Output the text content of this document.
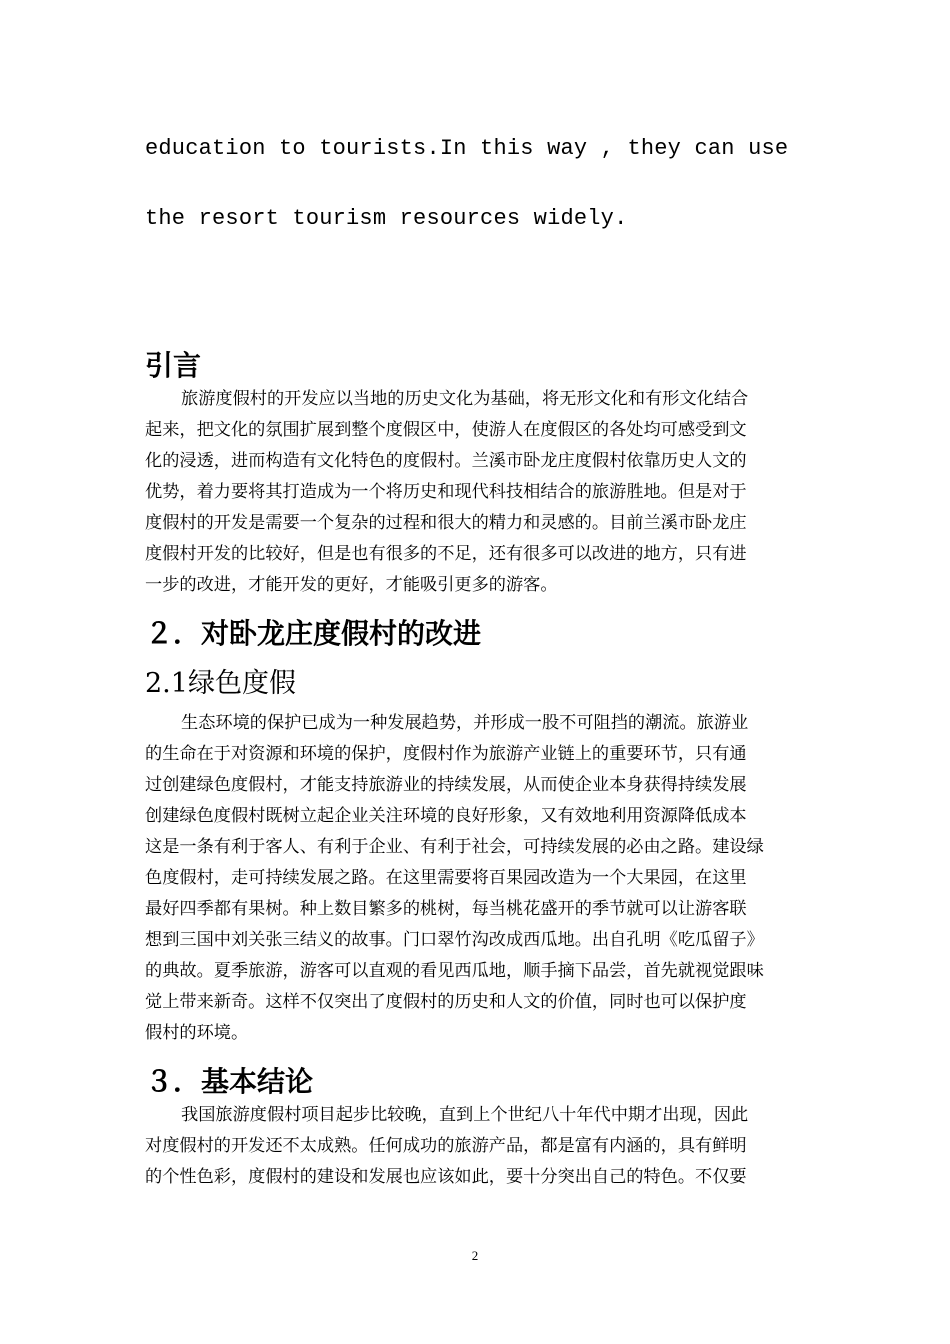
education to tourists.In this way , they can use
the resort tourism resources widely.
引言
旅游度假村的开发应以当地的历史文化为基础，将无形文化和有形文化结合
起来，把文化的氛围扩展到整个度假区中，使游人在度假区的各处均可感受到文
化的浸透，进而构造有文化特色的度假村。兰溪市卧龙庄度假村依靠历史人文的
优势，着力要将其打造成为一个将历史和现代科技相结合的旅游胜地。但是对于
度假村的开发是需要一个复杂的过程和很大的精力和灵感的。目前兰溪市卧龙庄
度假村开发的比较好，但是也有很多的不足，还有很多可以改进的地方，只有进
一步的改进，才能开发的更好，才能吸引更多的游客。
２．对卧龙庄度假村的改进
2.1绿色度假
生态环境的保护已成为一种发展趋势，并形成一股不可阻挡的潮流。旅游业
的生命在于对资源和环境的保护，度假村作为旅游产业链上的重要环节，只有通
过创建绿色度假村，才能支持旅游业的持续发展，从而使企业本身获得持续发展
创建绿色度假村既树立起企业关注环境的良好形象，又有效地利用资源降低成本
这是一条有利于客人、有利于企业、有利于社会，可持续发展的必由之路。建设绿
色度假村，走可持续发展之路。在这里需要将百果园改造为一个大果园，在这里
最好四季都有果树。种上数目繁多的桃树，每当桃花盛开的季节就可以让游客联
想到三国中刘关张三结义的故事。门口翠竹沟改成西瓜地。出自孔明《吃瓜留子》
的典故。夏季旅游，游客可以直观的看见西瓜地，顺手摘下品尝，首先就视觉跟味
觉上带来新奇。这样不仅突出了度假村的历史和人文的价值，同时也可以保护度
假村的环境。
３．基本结论
我国旅游度假村项目起步比较晚，直到上个世纪八十年代中期才出现，因此
对度假村的开发还不太成熟。任何成功的旅游产品，都是富有内涵的，具有鲜明
的个性色彩，度假村的建设和发展也应该如此，要十分突出自己的特色。不仅要
2
